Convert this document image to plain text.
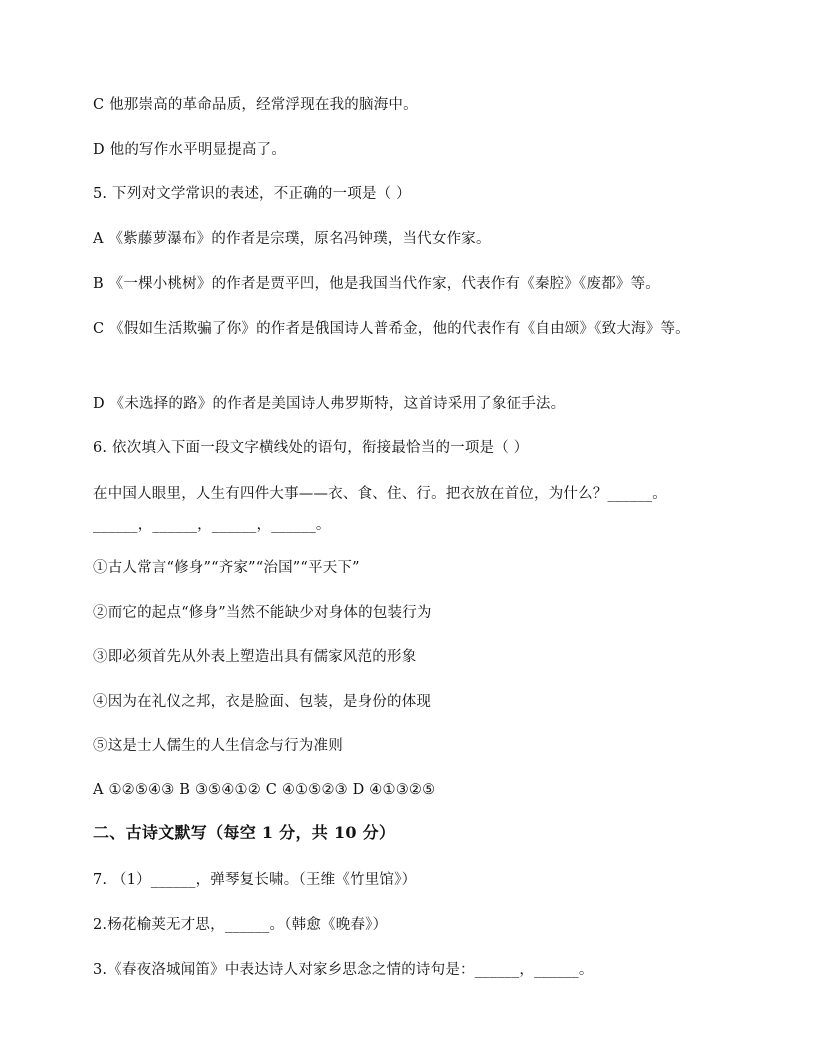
C 他那崇高的革命品质，经常浮现在我的脑海中。
D 他的写作水平明显提高了。
5. 下列对文学常识的表述，不正确的一项是（ ）
A 《紫藤萝瀑布》的作者是宗璞，原名冯钟璞，当代女作家。
B 《一棵小桃树》的作者是贾平凹，他是我国当代作家，代表作有《秦腔》《废都》等。
C 《假如生活欺骗了你》的作者是俄国诗人普希金，他的代表作有《自由颂》《致大海》等。
D 《未选择的路》的作者是美国诗人弗罗斯特，这首诗采用了象征手法。
6. 依次填入下面一段文字横线处的语句，衔接最恰当的一项是（ ）
在中国人眼里，人生有四件大事——衣、食、住、行。把衣放在首位，为什么？______。
______，______，______，______。
①古人常言“修身”“齐家”“治国”“平天下”
②而它的起点“修身”当然不能缺少对身体的包装行为
③即必须首先从外表上塑造出具有儒家风范的形象
④因为在礼仪之邦，衣是脸面、包装，是身份的体现
⑤这是士人儒生的人生信念与行为准则
A ①②⑤④③ B ③⑤④①② C ④①⑤②③ D ④①③②⑤
二、古诗文默写（每空 1 分，共 10 分）
7. （1）______，弹琴复长啸。（王维《竹里馆》）
2.杨花榆荚无才思，______。（韩愈《晚春》）
3.《春夜洛城闻笛》中表达诗人对家乡思念之情的诗句是：______，______。
